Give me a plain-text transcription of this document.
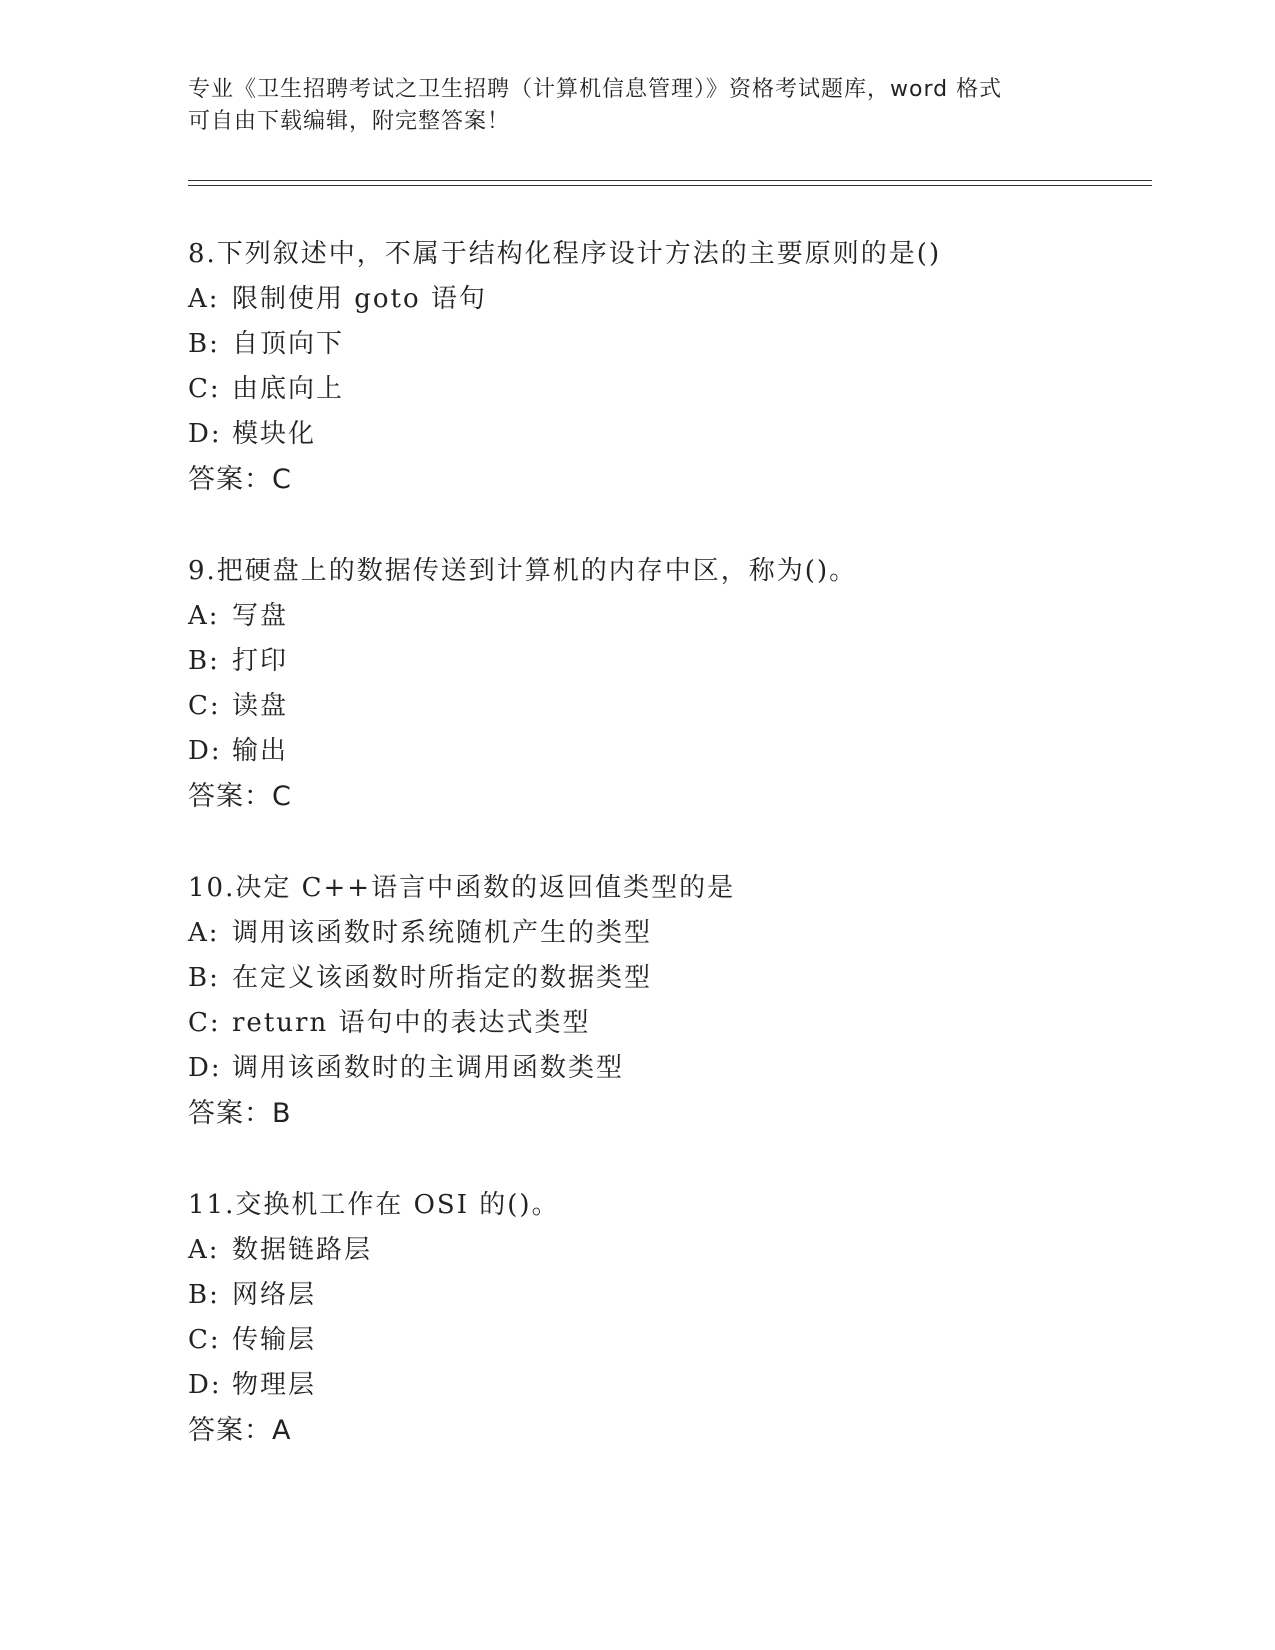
专业《卫生招聘考试之卫生招聘（计算机信息管理）》资格考试题库，word 格式
可自由下载编辑，附完整答案！
8.下列叙述中，不属于结构化程序设计方法的主要原则的是()
A: 限制使用 goto 语句
B: 自顶向下
C: 由底向上
D: 模块化
答案：C
9.把硬盘上的数据传送到计算机的内存中区，称为()。
A: 写盘
B: 打印
C: 读盘
D: 输出
答案：C
10.决定 C++语言中函数的返回值类型的是
A: 调用该函数时系统随机产生的类型
B: 在定义该函数时所指定的数据类型
C: return 语句中的表达式类型
D: 调用该函数时的主调用函数类型
答案：B
11.交换机工作在 OSI 的()。
A: 数据链路层
B: 网络层
C: 传输层
D: 物理层
答案：A
